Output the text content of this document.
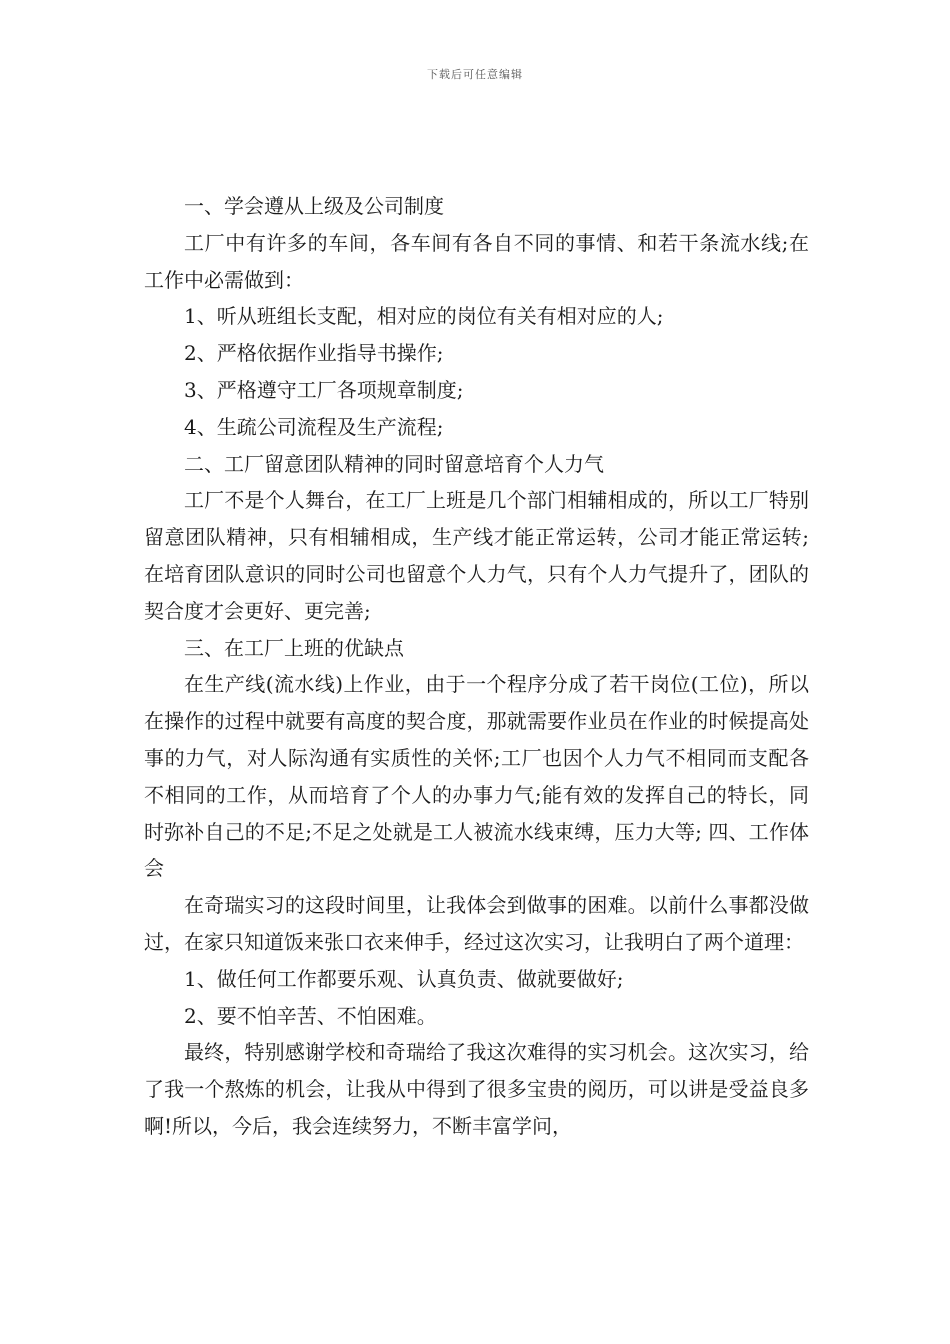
下载后可任意编辑

一、学会遵从上级及公司制度

工厂中有许多的车间，各车间有各自不同的事情、和若干条流水线;在工作中必需做到：

1、听从班组长支配，相对应的岗位有关有相对应的人;

2、严格依据作业指导书操作;

3、严格遵守工厂各项规章制度;

4、生疏公司流程及生产流程;

二、工厂留意团队精神的同时留意培育个人力气

工厂不是个人舞台，在工厂上班是几个部门相辅相成的，所以工厂特别留意团队精神，只有相辅相成，生产线才能正常运转，公司才能正常运转;在培育团队意识的同时公司也留意个人力气，只有个人力气提升了，团队的契合度才会更好、更完善;

三、在工厂上班的优缺点

在生产线(流水线)上作业，由于一个程序分成了若干岗位(工位)，所以在操作的过程中就要有高度的契合度，那就需要作业员在作业的时候提高处事的力气，对人际沟通有实质性的关怀;工厂也因个人力气不相同而支配各不相同的工作，从而培育了个人的办事力气;能有效的发挥自己的特长，同时弥补自己的不足;不足之处就是工人被流水线束缚，压力大等; 四、工作体会

在奇瑞实习的这段时间里，让我体会到做事的困难。以前什么事都没做过，在家只知道饭来张口衣来伸手，经过这次实习，让我明白了两个道理：

1、做任何工作都要乐观、认真负责、做就要做好;

2、要不怕辛苦、不怕困难。

最终，特别感谢学校和奇瑞给了我这次难得的实习机会。这次实习，给了我一个熬炼的机会，让我从中得到了很多宝贵的阅历，可以讲是受益良多啊!所以，今后，我会连续努力，不断丰富学问，
